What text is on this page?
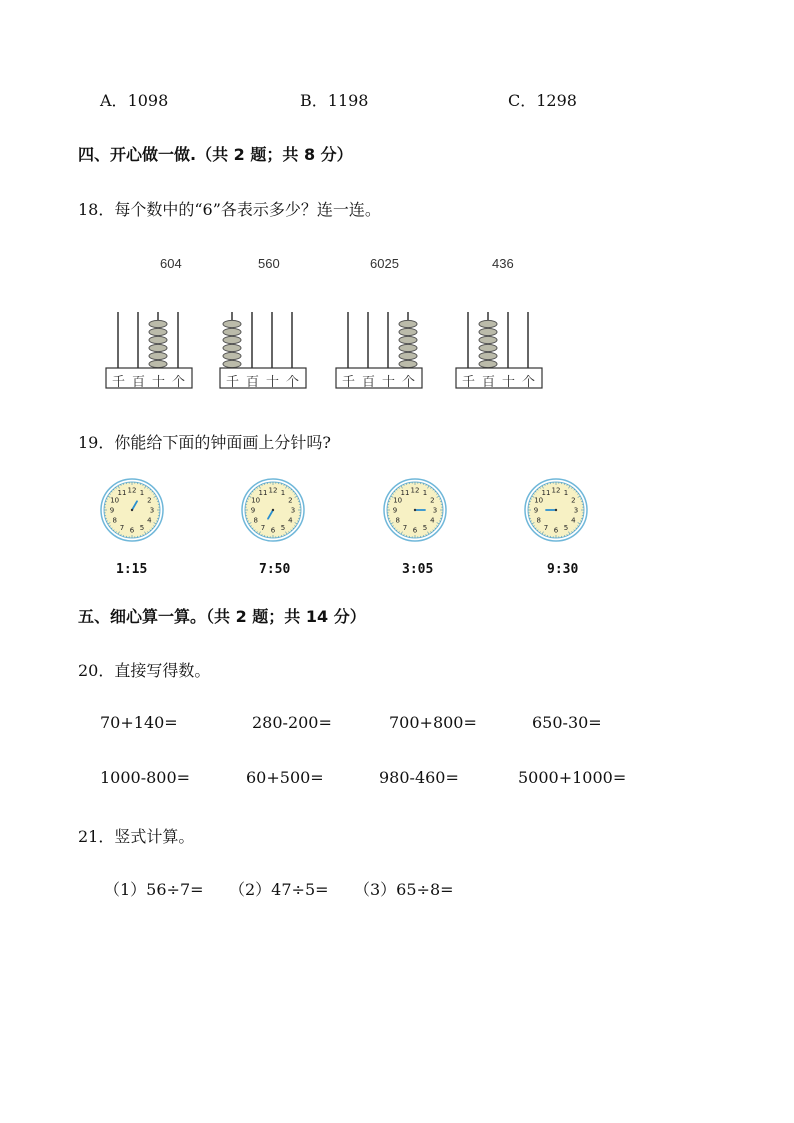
A．1098	B．1198	C．1298
四、开心做一做.（共 2 题；共 8 分）
18．每个数中的“6”各表示多少？连一连。
604
千 百 十 个
560
千 百 十 个
6025
千 百 十 个
436
千 百 十 个
19．你能给下面的钟面画上分针吗?
12 1
2
3
4
5
6
7
8
9
10
11	12 1
2
3
4
5
6
7
8
9
10
11	12 1
2
3
4
5
6
7
8
9
10
11	12 1
2
3
4
5
6
7
8
9
10
11
1:15	7:50	3:05	9:30
五、细心算一算。（共 2 题；共 14 分）
20．直接写得数。
70+140=	280-200=	700+800=	650-30=
1000-800=	60+500=	980-460=	5000+1000=
21．竖式计算。
（1）56÷7= （2）47÷5= （3）65÷8=
